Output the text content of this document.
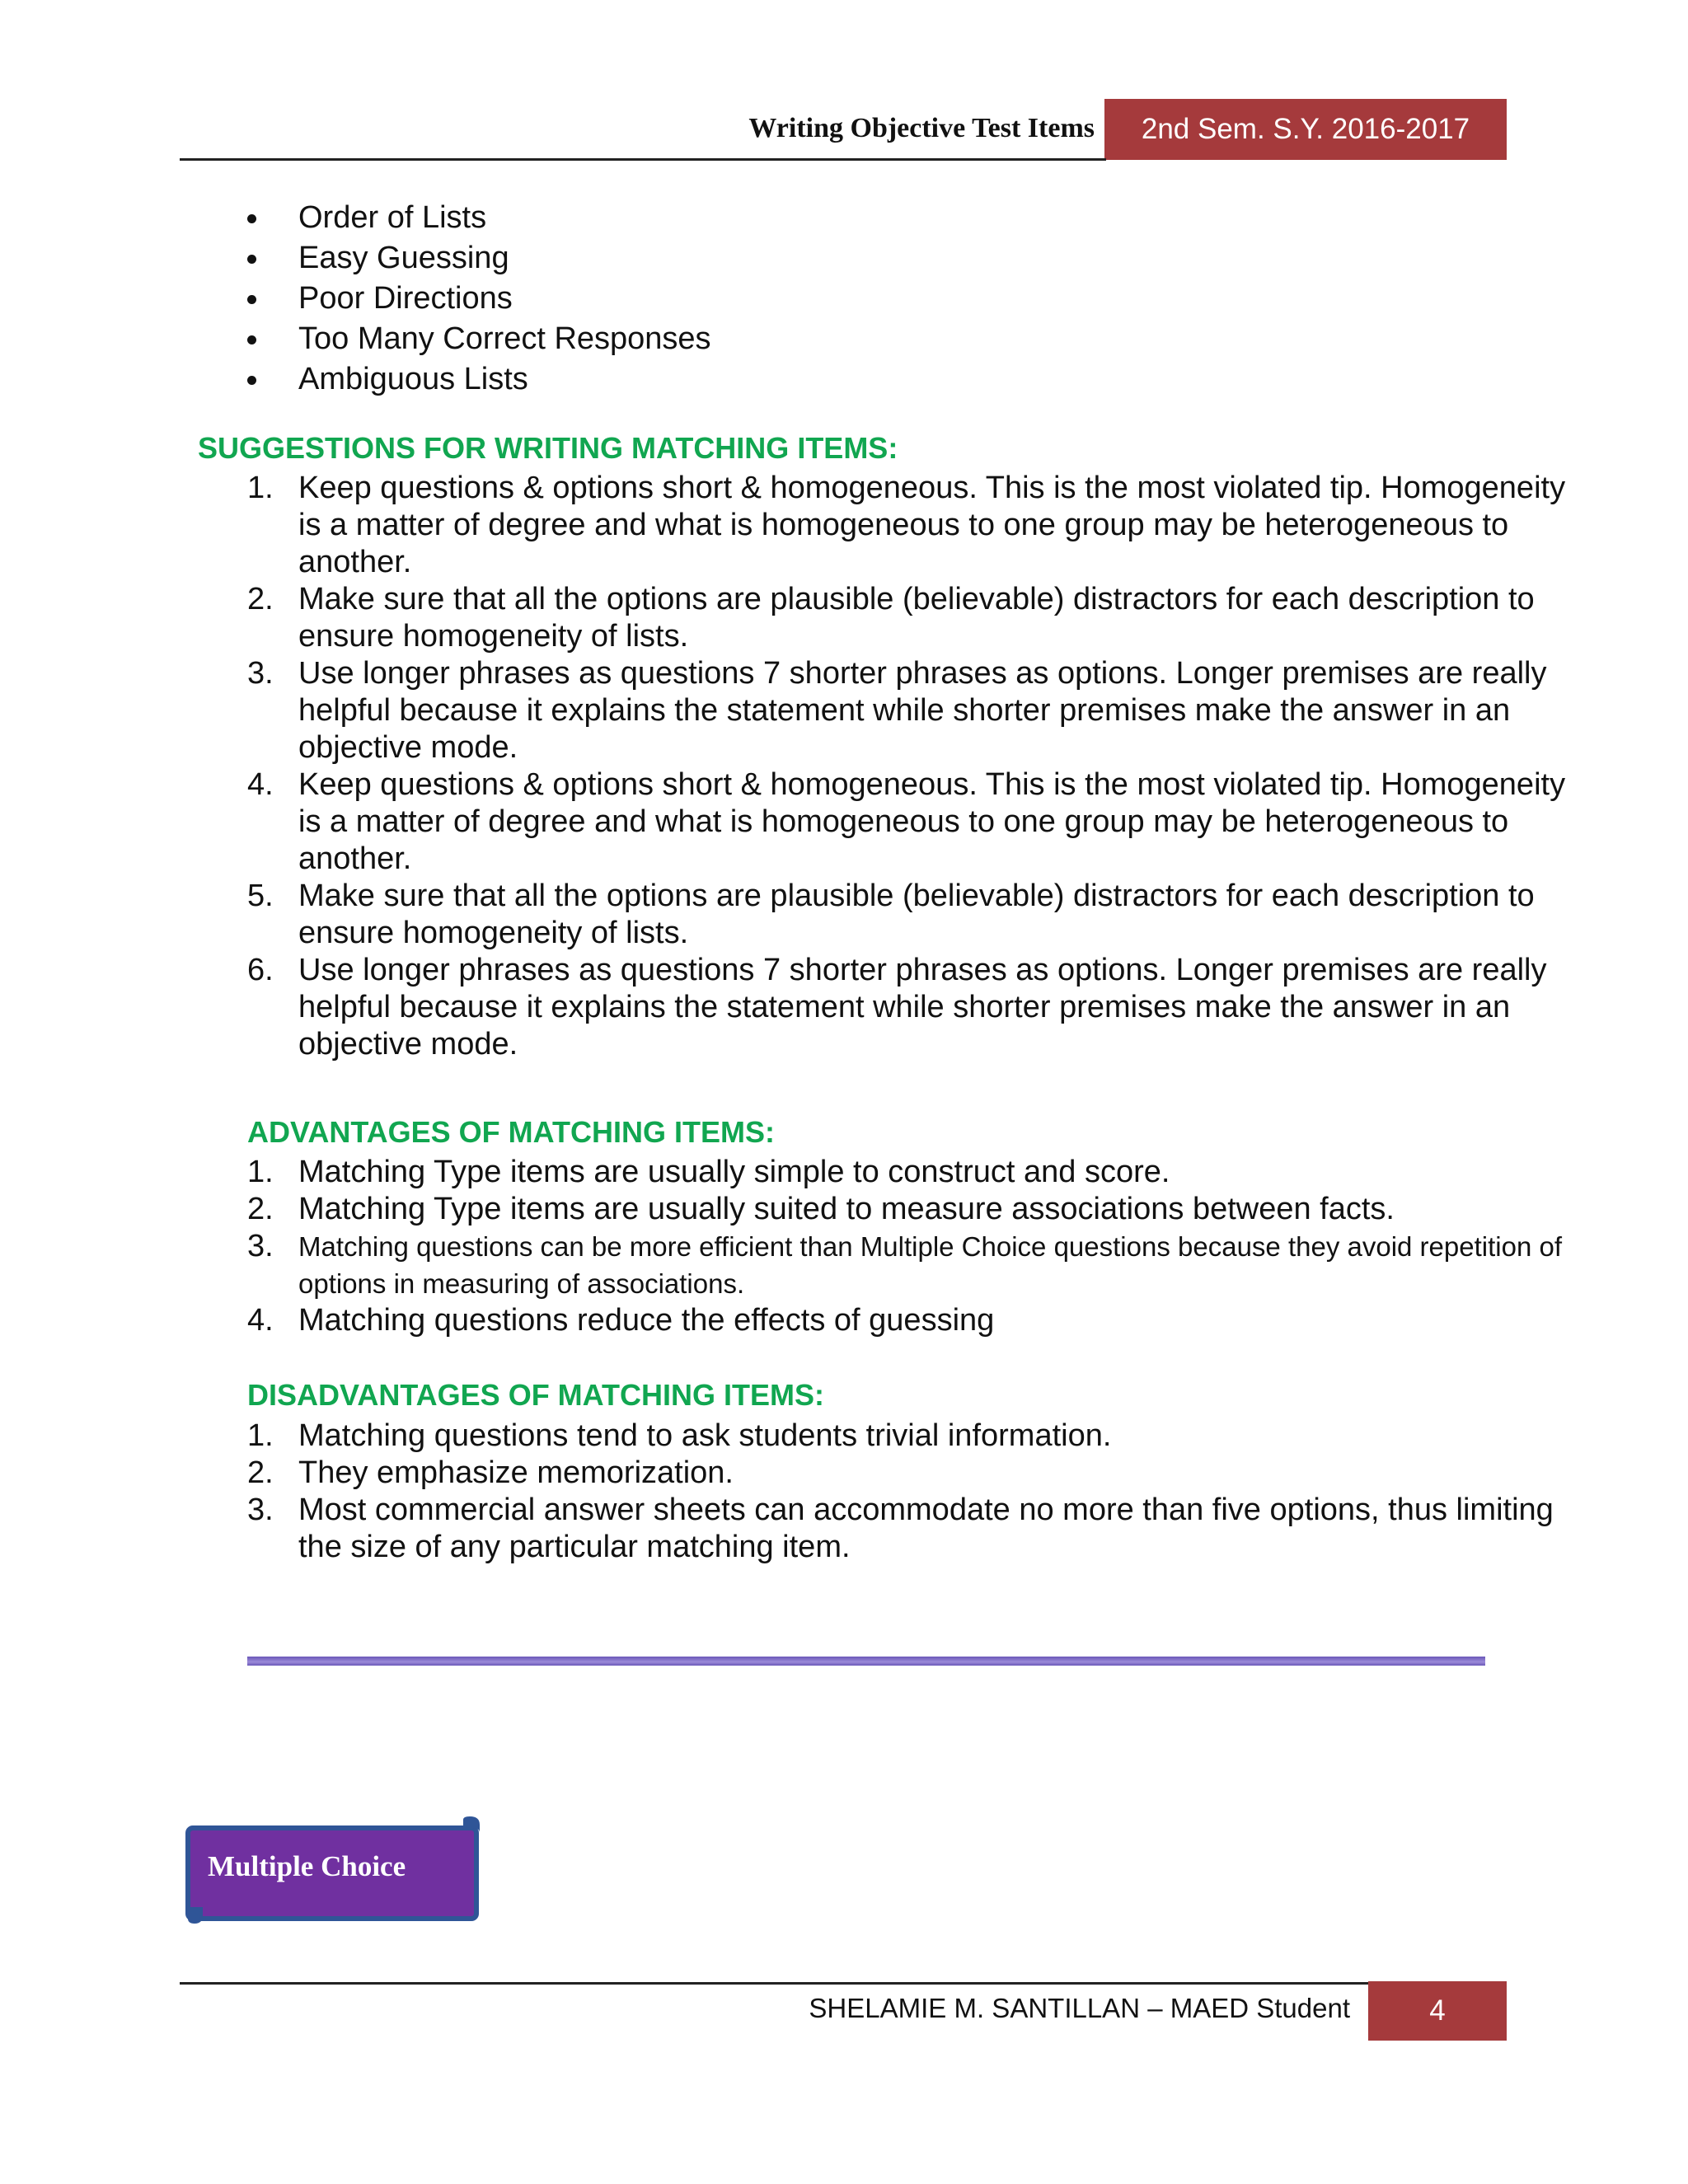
Writing Objective Test Items	2nd Sem. S.Y. 2016-2017
Order of Lists
Easy Guessing
Poor Directions
Too Many Correct Responses
Ambiguous Lists
SUGGESTIONS FOR WRITING MATCHING ITEMS:
1. Keep questions & options short & homogeneous. This is the most violated tip. Homogeneity is a matter of degree and what is homogeneous to one group may be heterogeneous to another.
2. Make sure that all the options are plausible (believable) distractors for each description to ensure homogeneity of lists.
3. Use longer phrases as questions 7 shorter phrases as options. Longer premises are really helpful because it explains the statement while shorter premises make the answer in an objective mode.
4. Keep questions & options short & homogeneous. This is the most violated tip. Homogeneity is a matter of degree and what is homogeneous to one group may be heterogeneous to another.
5. Make sure that all the options are plausible (believable) distractors for each description to ensure homogeneity of lists.
6. Use longer phrases as questions 7 shorter phrases as options. Longer premises are really helpful because it explains the statement while shorter premises make the answer in an objective mode.
ADVANTAGES OF MATCHING ITEMS:
1. Matching Type items are usually simple to construct and score.
2. Matching Type items are usually suited to measure associations between facts.
3. Matching questions can be more efficient than Multiple Choice questions because they avoid repetition of options in measuring of associations.
4. Matching questions reduce the effects of guessing
DISADVANTAGES OF MATCHING ITEMS:
1. Matching questions tend to ask students trivial information.
2. They emphasize memorization.
3. Most commercial answer sheets can accommodate no more than five options, thus limiting the size of any particular matching item.
Multiple Choice
SHELAMIE M. SANTILLAN – MAED Student	4
